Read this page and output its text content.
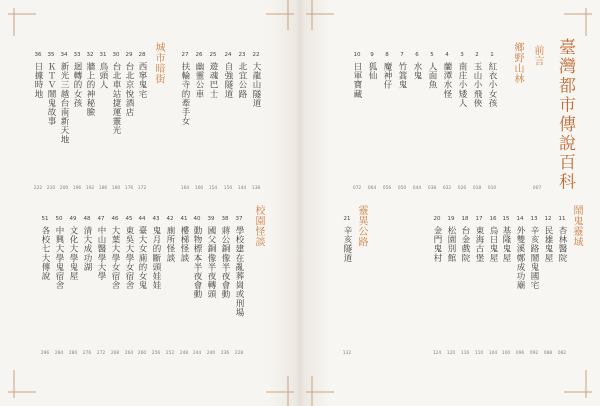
臺灣都市傳說百科
前言
007
鄉野山林
1
紅衣小女孩
010
2
玉山小飛俠
018
3
南庄小矮人
026
4
蘭潭水怪
032
5
人面魚
038
6
水鬼
044
7
竹篙鬼
050
8
魔神仔
056
9
狐仙
064
10
日軍寶藏
072
鬧鬼靈域
11
杏林醫院
082
12
民雄鬼屋
088
13
辛亥路鬧鬼國宅
092
14
外雙溪鄭成功廟
096
15
基隆鬼屋
100
16
烏日鬼屋
104
17
東海古堡
110
18
台金戲院
116
19
松園別館
120
20
金門鬼村
124
靈異公路
21
辛亥隧道
132
22
大龍山隧道
138
23
北宜公路
144
24
自強隧道
150
25
遊魂巴士
154
26
幽靈公車
160
27
扶輪寺的牽手女
164
城市暗街
28
西寧鬼宅
172
29
台北京悅酒店
176
30
台北車站捷運靈光
180
31
鳥頭人
186
32
牆上的神秘臉
192
33
迴轉的女孩
196
34
新光三越台南新天地
200
35
ＫＴＶ鬧鬼故事
210
36
日據時地
222
校園怪談
37
學校建在亂葬崗或刑場
228
38
蔣公銅像半夜會動
236
39
國父銅像半夜轉頭
240
40
動物標本半夜會動
244
41
樓梯怪談
248
42
廁所怪談
252
43
鬼月的斷頭娃娃
256
44
臺大女廁的女鬼
260
45
東吳大學女宿舍
264
46
大葉大學女宿舍
268
47
中山醫學大學
272
48
清大成功湖
276
49
文化大學鬼屋
280
50
中興大學鬼宿舍
284
51
各校七大傳說
296
